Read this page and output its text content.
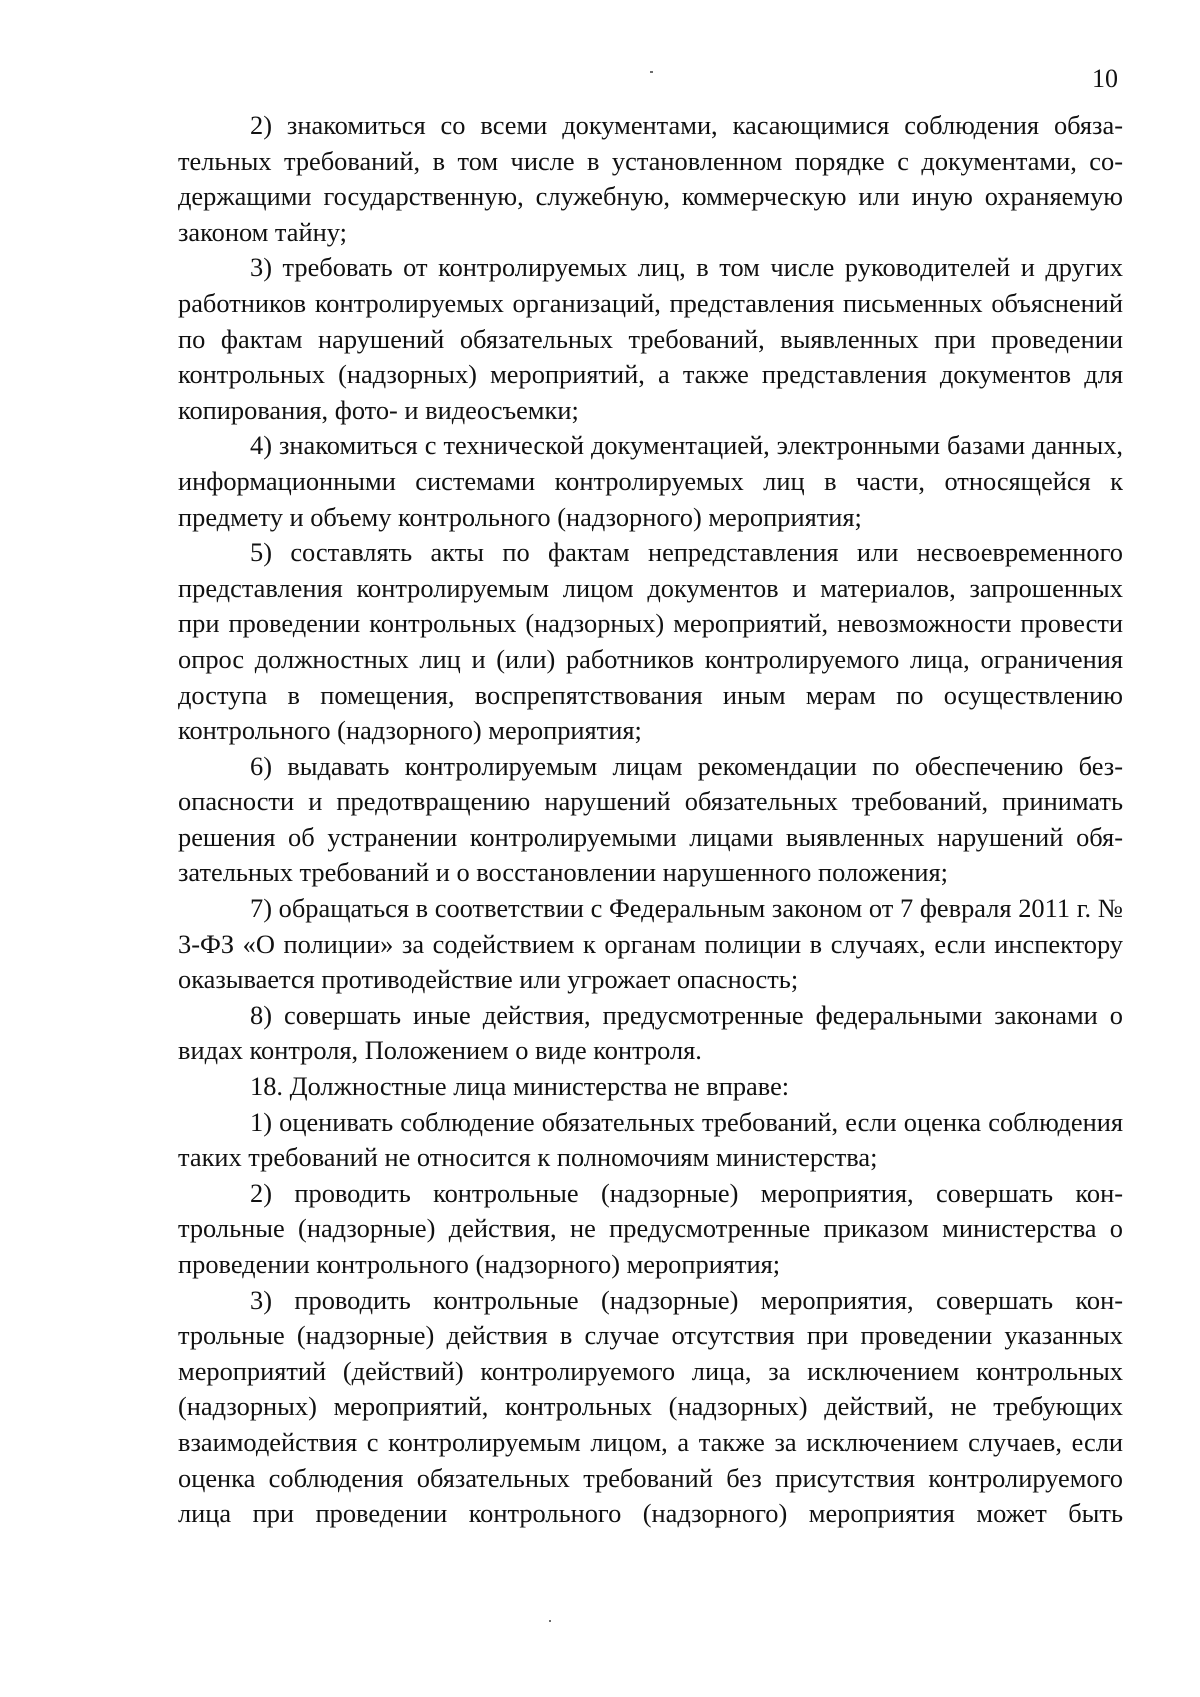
10

2) знакомиться со всеми документами, касающимися соблюдения обязательных требований, в том числе в установленном порядке с документами, содержащими государственную, служебную, коммерческую или иную охраняемую законом тайну;

3) требовать от контролируемых лиц, в том числе руководителей и других работников контролируемых организаций, представления письменных объяснений по фактам нарушений обязательных требований, выявленных при проведении контрольных (надзорных) мероприятий, а также представления документов для копирования, фото- и видеосъемки;

4) знакомиться с технической документацией, электронными базами данных, информационными системами контролируемых лиц в части, относящейся к предмету и объему контрольного (надзорного) мероприятия;

5) составлять акты по фактам непредставления или несвоевременного представления контролируемым лицом документов и материалов, запрошенных при проведении контрольных (надзорных) мероприятий, невозможности провести опрос должностных лиц и (или) работников контролируемого лица, ограничения доступа в помещения, воспрепятствования иным мерам по осуществлению контрольного (надзорного) мероприятия;

6) выдавать контролируемым лицам рекомендации по обеспечению безопасности и предотвращению нарушений обязательных требований, принимать решения об устранении контролируемыми лицами выявленных нарушений обязательных требований и о восстановлении нарушенного положения;

7) обращаться в соответствии с Федеральным законом от 7 февраля 2011 г. № 3-ФЗ «О полиции» за содействием к органам полиции в случаях, если инспектору оказывается противодействие или угрожает опасность;

8) совершать иные действия, предусмотренные федеральными законами о видах контроля, Положением о виде контроля.

18. Должностные лица министерства не вправе:

1) оценивать соблюдение обязательных требований, если оценка соблюдения таких требований не относится к полномочиям министерства;

2) проводить контрольные (надзорные) мероприятия, совершать контрольные (надзорные) действия, не предусмотренные приказом министерства о проведении контрольного (надзорного) мероприятия;

3) проводить контрольные (надзорные) мероприятия, совершать контрольные (надзорные) действия в случае отсутствия при проведении указанных мероприятий (действий) контролируемого лица, за исключением контрольных (надзорных) мероприятий, контрольных (надзорных) действий, не требующих взаимодействия с контролируемым лицом, а также за исключением случаев, если оценка соблюдения обязательных требований без присутствия контролируемого лица при проведении контрольного (надзорного) мероприятия может быть
